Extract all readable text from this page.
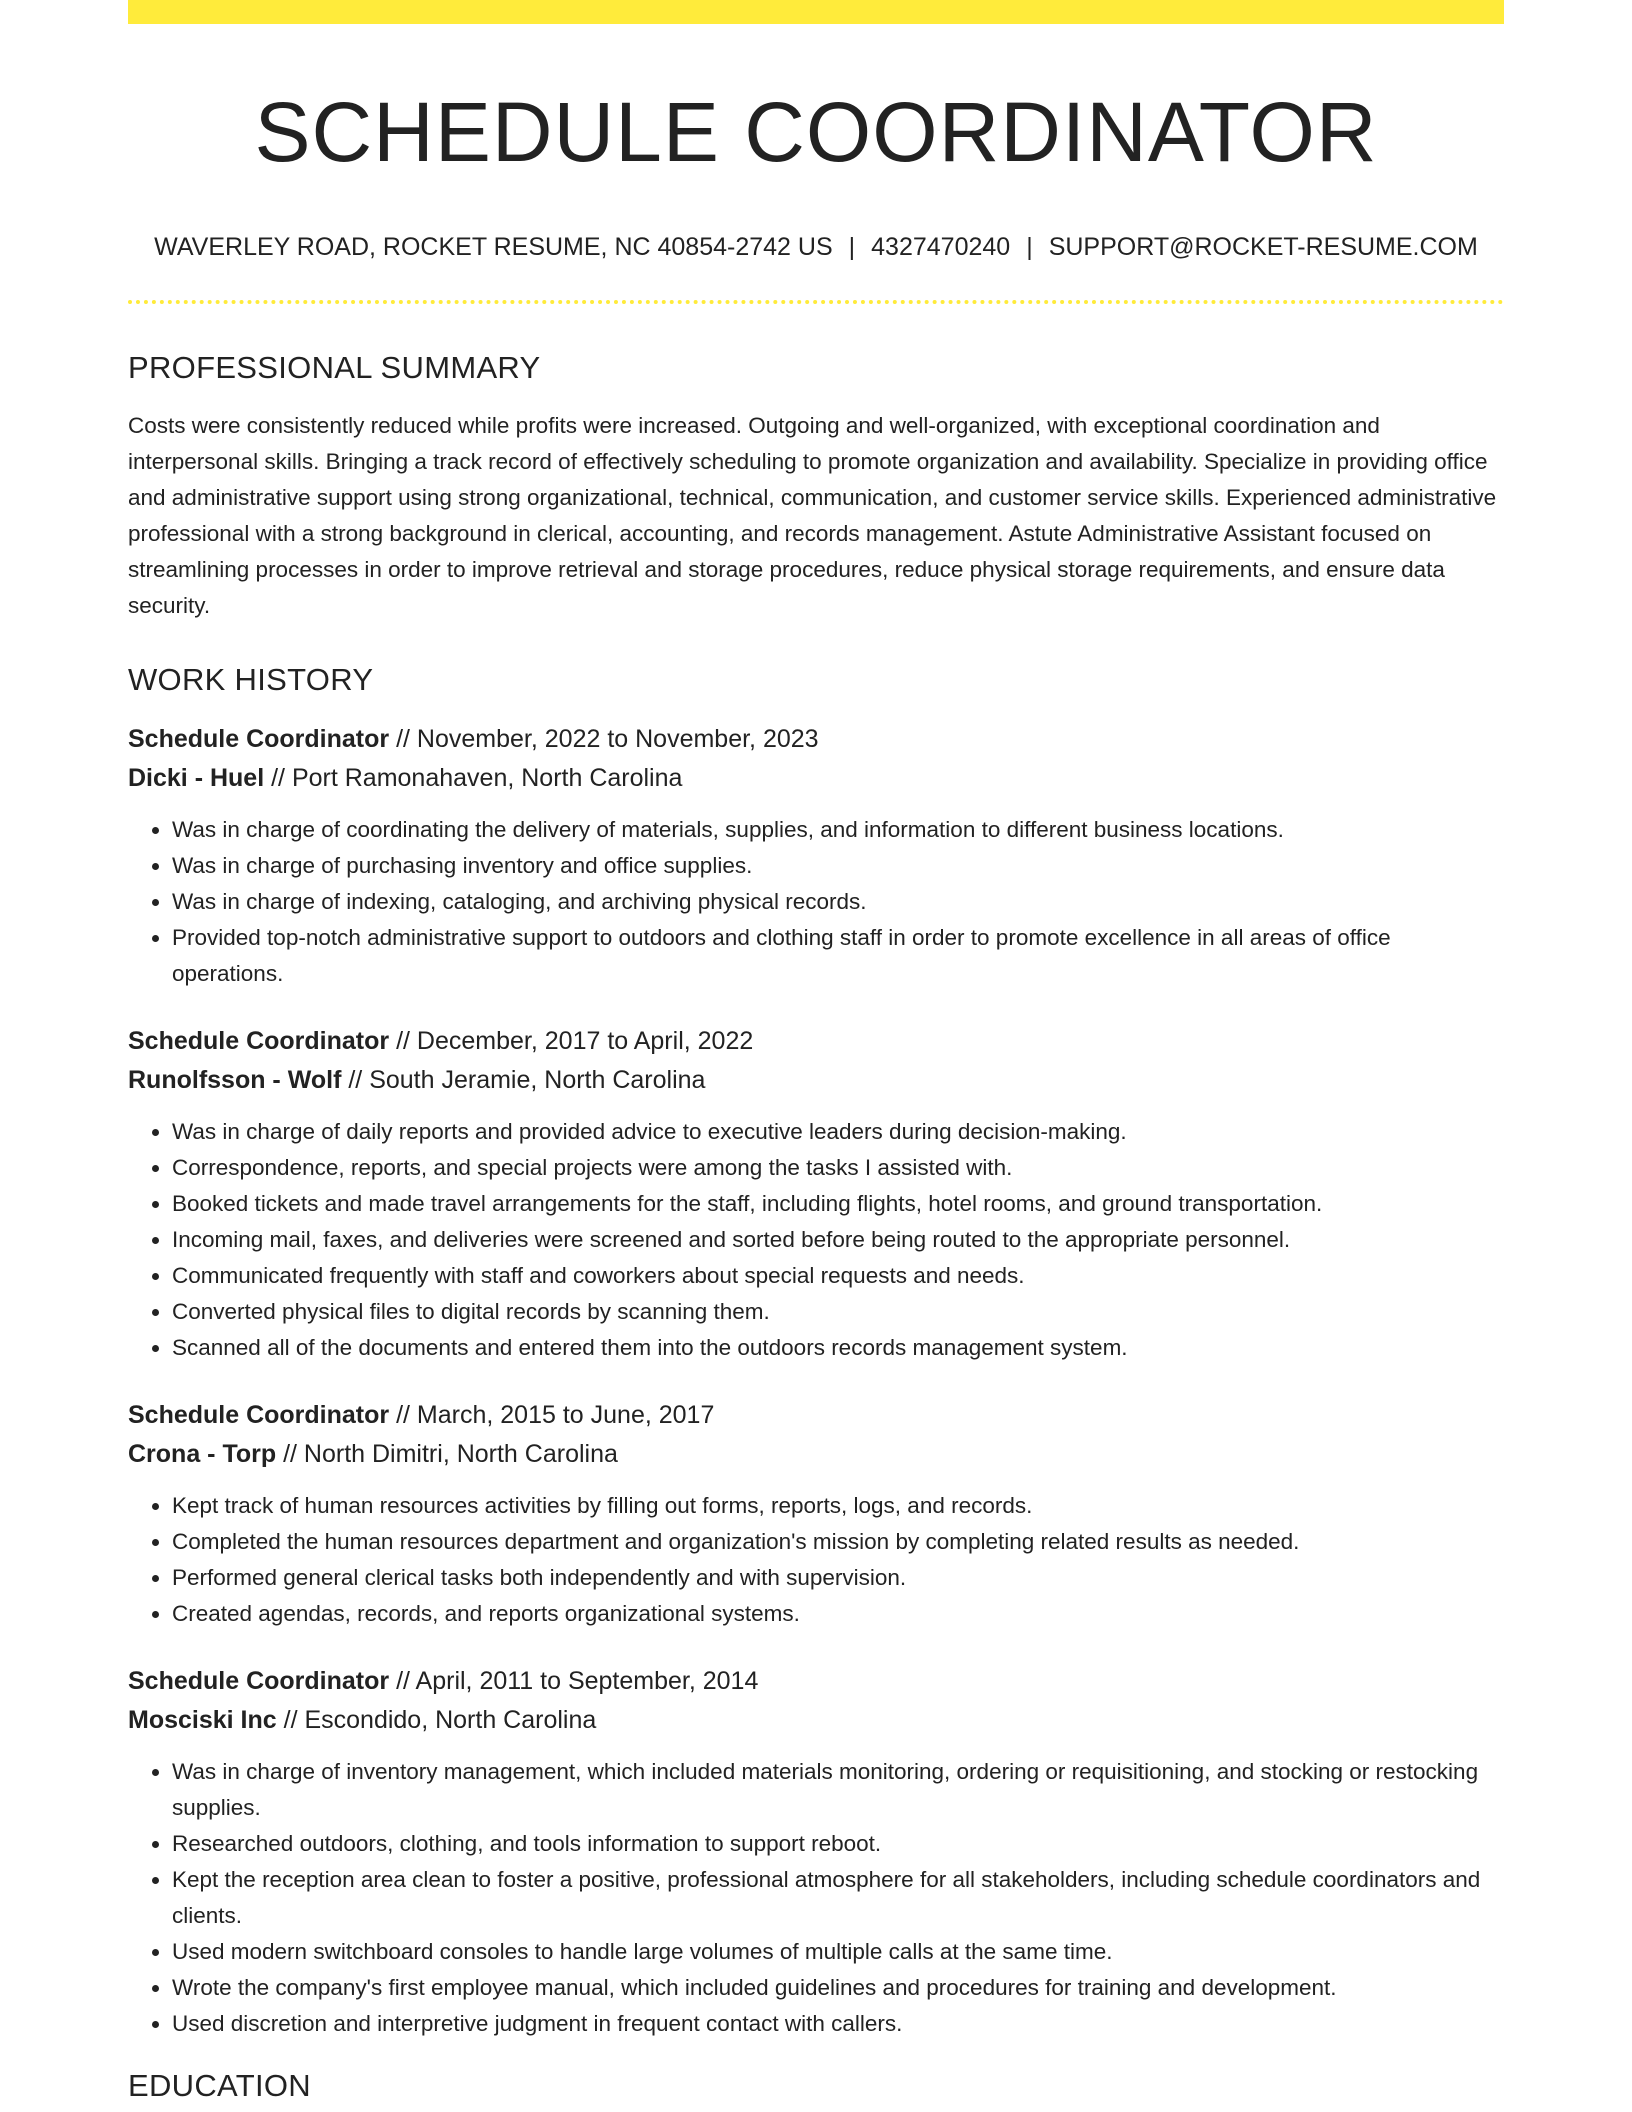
SCHEDULE COORDINATOR
WAVERLEY ROAD, ROCKET RESUME, NC 40854-2742 US | 4327470240 | SUPPORT@ROCKET-RESUME.COM
PROFESSIONAL SUMMARY

Costs were consistently reduced while profits were increased. Outgoing and well-organized, with exceptional coordination and interpersonal skills. Bringing a track record of effectively scheduling to promote organization and availability. Specialize in providing office and administrative support using strong organizational, technical, communication, and customer service skills. Experienced administrative professional with a strong background in clerical, accounting, and records management. Astute Administrative Assistant focused on streamlining processes in order to improve retrieval and storage procedures, reduce physical storage requirements, and ensure data security.

WORK HISTORY
Schedule Coordinator // November, 2022 to November, 2023
Dicki - Huel // Port Ramonahaven, North Carolina
• Was in charge of coordinating the delivery of materials, supplies, and information to different business locations.
• Was in charge of purchasing inventory and office supplies.
• Was in charge of indexing, cataloging, and archiving physical records.
• Provided top-notch administrative support to outdoors and clothing staff in order to promote excellence in all areas of office operations.
Schedule Coordinator // December, 2017 to April, 2022
Runolfsson - Wolf // South Jeramie, North Carolina
• Was in charge of daily reports and provided advice to executive leaders during decision-making.
• Correspondence, reports, and special projects were among the tasks I assisted with.
• Booked tickets and made travel arrangements for the staff, including flights, hotel rooms, and ground transportation.
• Incoming mail, faxes, and deliveries were screened and sorted before being routed to the appropriate personnel.
• Communicated frequently with staff and coworkers about special requests and needs.
• Converted physical files to digital records by scanning them.
• Scanned all of the documents and entered them into the outdoors records management system.
Schedule Coordinator // March, 2015 to June, 2017
Crona - Torp // North Dimitri, North Carolina
• Kept track of human resources activities by filling out forms, reports, logs, and records.
• Completed the human resources department and organization's mission by completing related results as needed.
• Performed general clerical tasks both independently and with supervision.
• Created agendas, records, and reports organizational systems.
Schedule Coordinator // April, 2011 to September, 2014
Mosciski Inc // Escondido, North Carolina
• Was in charge of inventory management, which included materials monitoring, ordering or requisitioning, and stocking or restocking supplies.
• Researched outdoors, clothing, and tools information to support reboot.
• Kept the reception area clean to foster a positive, professional atmosphere for all stakeholders, including schedule coordinators and clients.
• Used modern switchboard consoles to handle large volumes of multiple calls at the same time.
• Wrote the company's first employee manual, which included guidelines and procedures for training and development.
• Used discretion and interpretive judgment in frequent contact with callers.
EDUCATION
